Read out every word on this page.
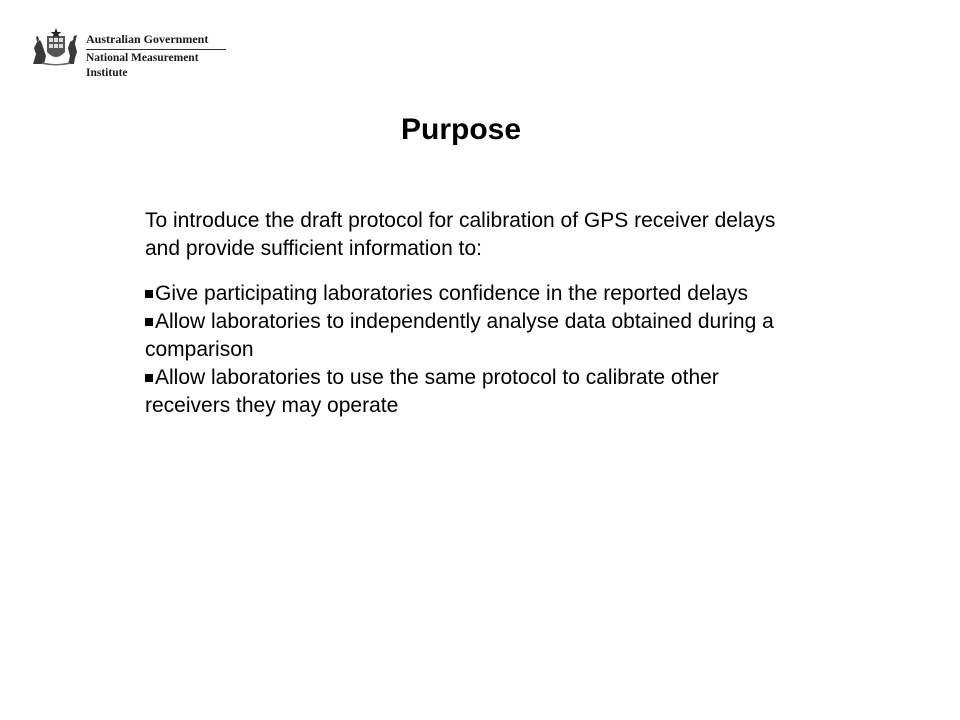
Australian Government
National Measurement Institute
Purpose

To introduce the draft protocol for calibration of GPS receiver delays and provide sufficient information to:

Give participating laboratories confidence in the reported delays

Allow laboratories to independently analyse data obtained during a comparison

Allow laboratories to use the same protocol to calibrate other receivers they may operate
